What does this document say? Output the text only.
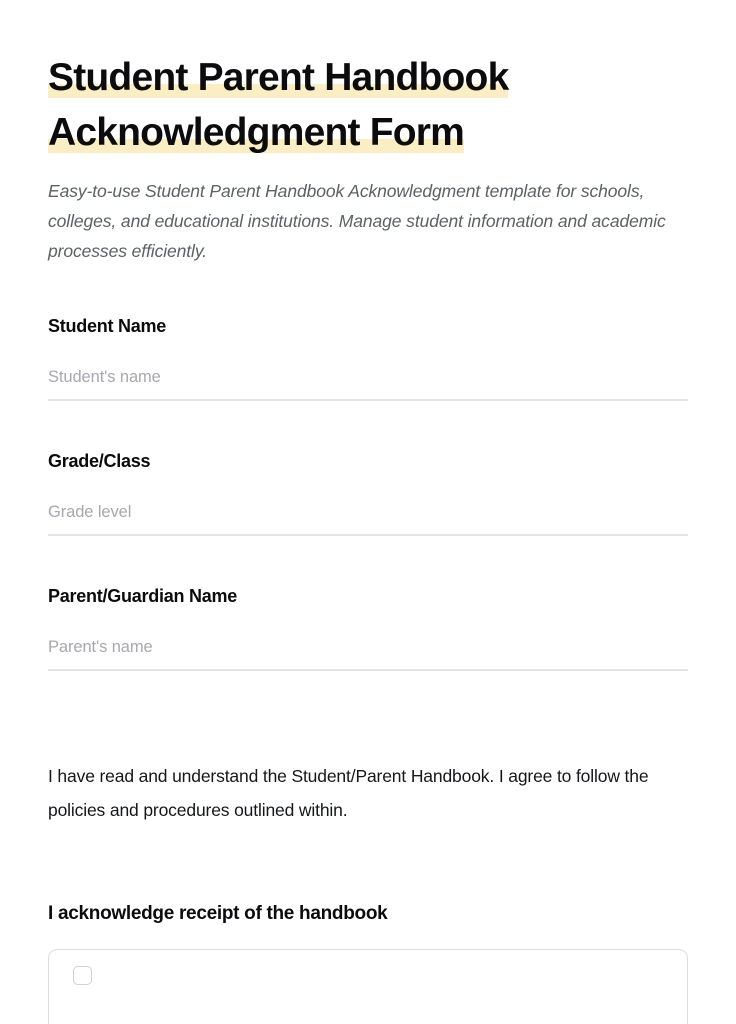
Student Parent Handbook
Acknowledgment Form

Easy-to-use Student Parent Handbook Acknowledgment template for schools, colleges, and educational institutions. Manage student information and academic processes efficiently.

Student Name
Student's name
Grade/Class
Grade level
Parent/Guardian Name
Parent's name

I have read and understand the Student/Parent Handbook. I agree to follow the policies and procedures outlined within.

I acknowledge receipt of the handbook
